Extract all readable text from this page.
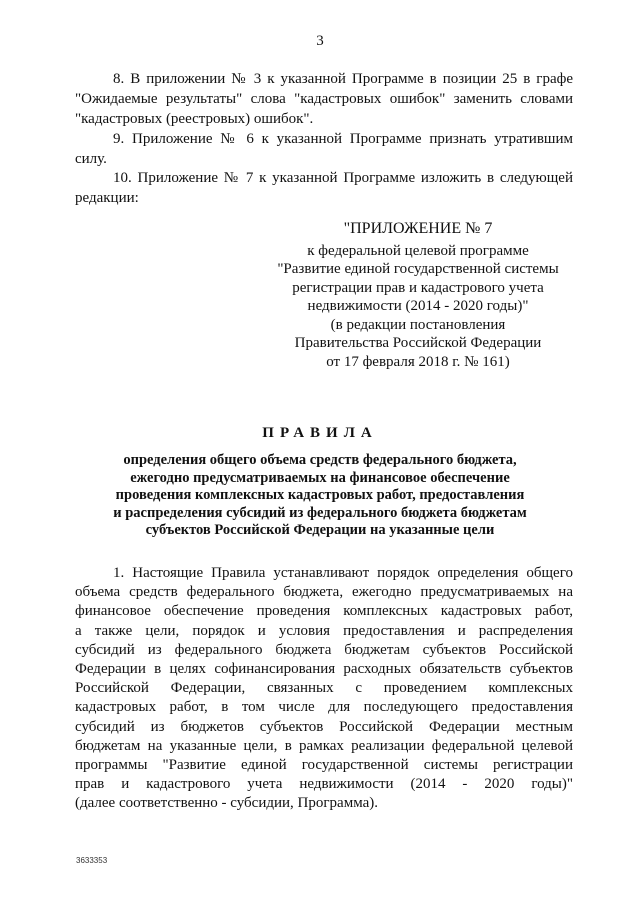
3
8. В приложении № 3 к указанной Программе в позиции 25 в графе
"Ожидаемые результаты" слова "кадастровых ошибок" заменить словами
"кадастровых (реестровых) ошибок".
9. Приложение № 6 к указанной Программе признать утратившим
силу.
10. Приложение № 7 к указанной Программе изложить в следующей
редакции:
"ПРИЛОЖЕНИЕ № 7
к федеральной целевой программе
"Развитие единой государственной системы
регистрации прав и кадастрового учета
недвижимости (2014 - 2020 годы)"
(в редакции постановления
Правительства Российской Федерации
от 17 февраля 2018 г. № 161)
ПРАВИЛА
определения общего объема средств федерального бюджета,
ежегодно предусматриваемых на финансовое обеспечение
проведения комплексных кадастровых работ, предоставления
и распределения субсидий из федерального бюджета бюджетам
субъектов Российской Федерации на указанные цели
1. Настоящие Правила устанавливают порядок определения общего
объема средств федерального бюджета, ежегодно предусматриваемых на
финансовое обеспечение проведения комплексных кадастровых работ,
а также цели, порядок и условия предоставления и распределения
субсидий из федерального бюджета бюджетам субъектов Российской
Федерации в целях софинансирования расходных обязательств субъектов
Российской Федерации, связанных с проведением комплексных
кадастровых работ, в том числе для последующего предоставления
субсидий из бюджетов субъектов Российской Федерации местным
бюджетам на указанные цели, в рамках реализации федеральной целевой
программы "Развитие единой государственной системы регистрации
прав и кадастрового учета недвижимости (2014 - 2020 годы)"
(далее соответственно - субсидии, Программа).
3633353
